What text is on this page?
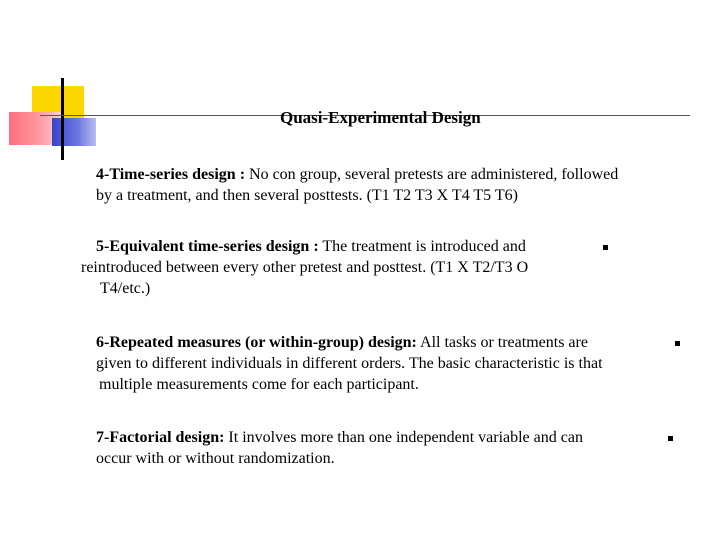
Quasi-Experimental Design
4-Time-series design : No con group, several pretests are administered, followed
by a treatment, and then several posttests. (T1 T2 T3 X T4 T5 T6)
5-Equivalent time-series design : The treatment is introduced and
reintroduced between every other pretest and posttest. (T1 X T2/T3 O
T4/etc.)
6-Repeated measures (or within-group) design: All tasks or treatments are
given to different individuals in different orders. The basic characteristic is that
multiple measurements come for each participant.
7-Factorial design: It involves more than one independent variable and can
occur with or without randomization.
